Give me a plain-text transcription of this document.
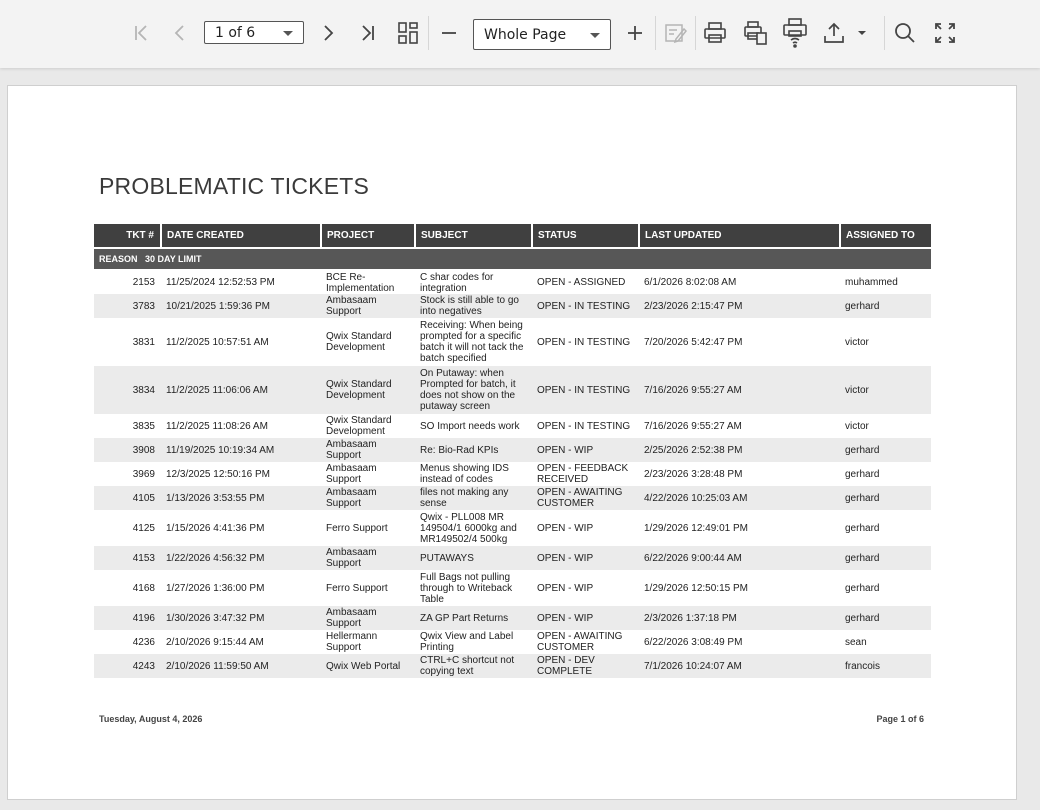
1 of 6	Whole Page
PROBLEMATIC TICKETS
TKT #	DATE CREATED	PROJECT	SUBJECT	STATUS	LAST UPDATED	ASSIGNED TO
REASON 30 DAY LIMIT						
2153	11/25/2024 12:52:53 PM	BCE Re-Implementation	C shar codes for integration	OPEN - ASSIGNED	6/1/2026 8:02:08 AM	muhammed
3783	10/21/2025 1:59:36 PM	Ambasaam Support	Stock is still able to go into negatives	OPEN - IN TESTING	2/23/2026 2:15:47 PM	gerhard
3831	11/2/2025 10:57:51 AM	Qwix Standard Development	Receiving: When being prompted for a specific batch it will not tack the batch specified	OPEN - IN TESTING	7/20/2026 5:42:47 PM	victor
3834	11/2/2025 11:06:06 AM	Qwix Standard Development	On Putaway: when Prompted for batch, it does not show on the putaway screen	OPEN - IN TESTING	7/16/2026 9:55:27 AM	victor
3835	11/2/2025 11:08:26 AM	Qwix Standard Development	SO Import needs work	OPEN - IN TESTING	7/16/2026 9:55:27 AM	victor
3908	11/19/2025 10:19:34 AM	Ambasaam Support	Re: Bio-Rad KPIs	OPEN - WIP	2/25/2026 2:52:38 PM	gerhard
3969	12/3/2025 12:50:16 PM	Ambasaam Support	Menus showing IDS instead of codes	OPEN - FEEDBACK RECEIVED	2/23/2026 3:28:48 PM	gerhard
4105	1/13/2026 3:53:55 PM	Ambasaam Support	files not making any sense	OPEN - AWAITING CUSTOMER	4/22/2026 10:25:03 AM	gerhard
4125	1/15/2026 4:41:36 PM	Ferro Support	Qwix - PLL008 MR 149504/1 6000kg and MR149502/4 500kg	OPEN - WIP	1/29/2026 12:49:01 PM	gerhard
4153	1/22/2026 4:56:32 PM	Ambasaam Support	PUTAWAYS	OPEN - WIP	6/22/2026 9:00:44 AM	gerhard
4168	1/27/2026 1:36:00 PM	Ferro Support	Full Bags not pulling through to Writeback Table	OPEN - WIP	1/29/2026 12:50:15 PM	gerhard
4196	1/30/2026 3:47:32 PM	Ambasaam Support	ZA GP Part Returns	OPEN - WIP	2/3/2026 1:37:18 PM	gerhard
4236	2/10/2026 9:15:44 AM	Hellermann Support	Qwix View and Label Printing	OPEN - AWAITING CUSTOMER	6/22/2026 3:08:49 PM	sean
4243	2/10/2026 11:59:50 AM	Qwix Web Portal	CTRL+C shortcut not copying text	OPEN - DEV COMPLETE	7/1/2026 10:24:07 AM	francois
Tuesday, August 4, 2026	Page 1 of 6
